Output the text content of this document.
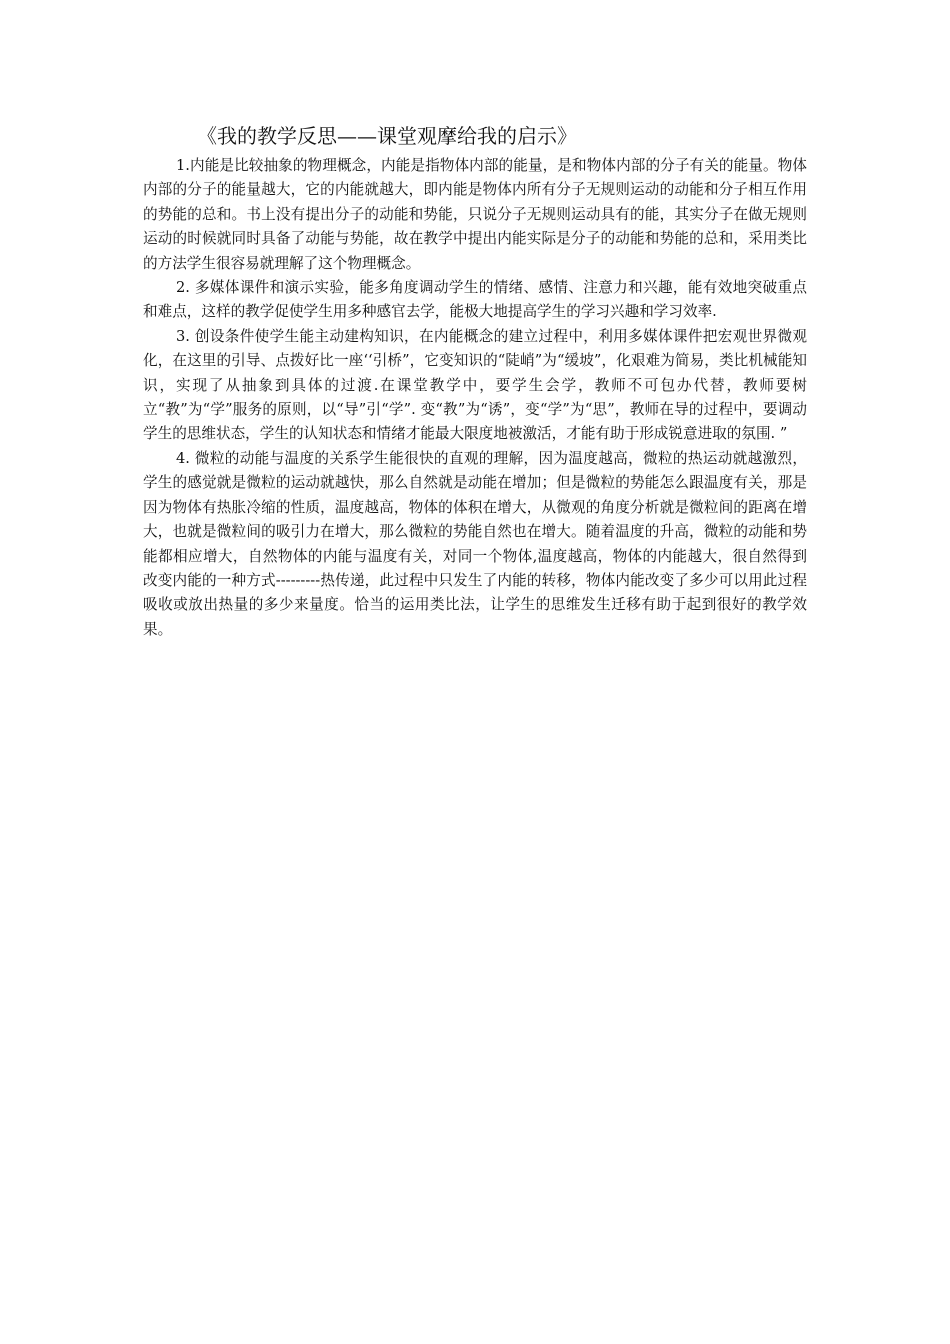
《我的教学反思——课堂观摩给我的启示》

1.内能是比较抽象的物理概念，内能是指物体内部的能量，是和物体内部的分子有关的能量。物体内部的分子的能量越大，它的内能就越大，即内能是物体内所有分子无规则运动的动能和分子相互作用的势能的总和。书上没有提出分子的动能和势能，只说分子无规则运动具有的能，其实分子在做无规则运动的时候就同时具备了动能与势能，故在教学中提出内能实际是分子的动能和势能的总和，采用类比的方法学生很容易就理解了这个物理概念。

2. 多媒体课件和演示实验，能多角度调动学生的情绪、感情、注意力和兴趣，能有效地突破重点和难点，这样的教学促使学生用多种感官去学，能极大地提高学生的学习兴趣和学习效率.

3. 创设条件使学生能主动建构知识，在内能概念的建立过程中，利用多媒体课件把宏观世界微观化，在这里的引导、点拨好比一座‘‘引桥”，它变知识的“陡峭”为“缓坡”，化艰难为简易，类比机械能知识，实现了从抽象到具体的过渡.在课堂教学中，要学生会学，教师不可包办代替，教师要树立“教”为“学”服务的原则，以“导”引“学”. 变“教”为“诱”，变“学”为“思”，教师在导的过程中，要调动学生的思维状态，学生的认知状态和情绪才能最大限度地被激活，才能有助于形成锐意进取的氛围. ”

4. 微粒的动能与温度的关系学生能很快的直观的理解，因为温度越高，微粒的热运动就越激烈，学生的感觉就是微粒的运动就越快，那么自然就是动能在增加；但是微粒的势能怎么跟温度有关，那是因为物体有热胀冷缩的性质，温度越高，物体的体积在增大，从微观的角度分析就是微粒间的距离在增大，也就是微粒间的吸引力在增大，那么微粒的势能自然也在增大。随着温度的升高，微粒的动能和势能都相应增大，自然物体的内能与温度有关，对同一个物体,温度越高，物体的内能越大，很自然得到 改变内能的一种方式---------热传递，此过程中只发生了内能的转移，物体内能改变了多少可以用此过程吸收或放出热量的多少来量度。恰当的运用类比法，让学生的思维发生迁移有助于起到很好的教学效果。
